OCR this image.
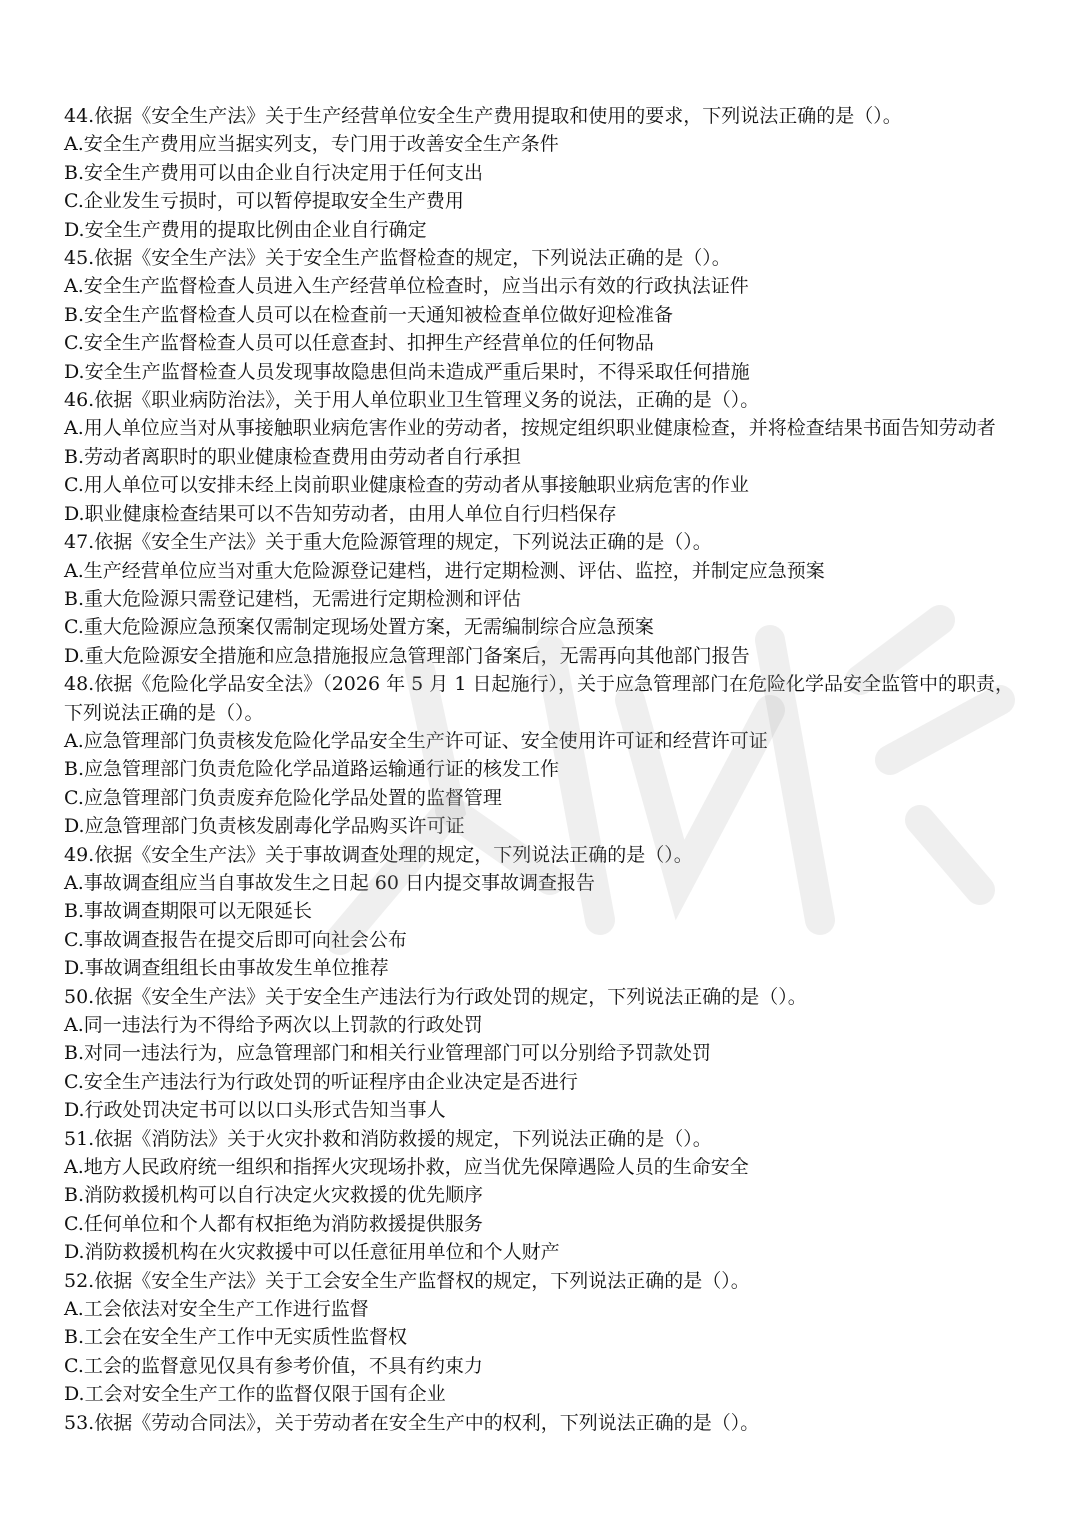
44.依据《安全生产法》关于生产经营单位安全生产费用提取和使用的要求，下列说法正确的是（）。

A.安全生产费用应当据实列支，专门用于改善安全生产条件

B.安全生产费用可以由企业自行决定用于任何支出

C.企业发生亏损时，可以暂停提取安全生产费用

D.安全生产费用的提取比例由企业自行确定

45.依据《安全生产法》关于安全生产监督检查的规定，下列说法正确的是（）。

A.安全生产监督检查人员进入生产经营单位检查时，应当出示有效的行政执法证件

B.安全生产监督检查人员可以在检查前一天通知被检查单位做好迎检准备

C.安全生产监督检查人员可以任意查封、扣押生产经营单位的任何物品

D.安全生产监督检查人员发现事故隐患但尚未造成严重后果时，不得采取任何措施

46.依据《职业病防治法》，关于用人单位职业卫生管理义务的说法，正确的是（）。

A.用人单位应当对从事接触职业病危害作业的劳动者，按规定组织职业健康检查，并将检查结果书面告知劳动者

B.劳动者离职时的职业健康检查费用由劳动者自行承担

C.用人单位可以安排未经上岗前职业健康检查的劳动者从事接触职业病危害的作业

D.职业健康检查结果可以不告知劳动者，由用人单位自行归档保存

47.依据《安全生产法》关于重大危险源管理的规定，下列说法正确的是（）。

A.生产经营单位应当对重大危险源登记建档，进行定期检测、评估、监控，并制定应急预案

B.重大危险源只需登记建档，无需进行定期检测和评估

C.重大危险源应急预案仅需制定现场处置方案，无需编制综合应急预案

D.重大危险源安全措施和应急措施报应急管理部门备案后，无需再向其他部门报告

48.依据《危险化学品安全法》（2026 年 5 月 1 日起施行），关于应急管理部门在危险化学品安全监管中的职责，下列说法正确的是（）。

A.应急管理部门负责核发危险化学品安全生产许可证、安全使用许可证和经营许可证

B.应急管理部门负责危险化学品道路运输通行证的核发工作

C.应急管理部门负责废弃危险化学品处置的监督管理

D.应急管理部门负责核发剧毒化学品购买许可证

49.依据《安全生产法》关于事故调查处理的规定，下列说法正确的是（）。

A.事故调查组应当自事故发生之日起 60 日内提交事故调查报告

B.事故调查期限可以无限延长

C.事故调查报告在提交后即可向社会公布

D.事故调查组组长由事故发生单位推荐

50.依据《安全生产法》关于安全生产违法行为行政处罚的规定，下列说法正确的是（）。

A.同一违法行为不得给予两次以上罚款的行政处罚

B.对同一违法行为，应急管理部门和相关行业管理部门可以分别给予罚款处罚

C.安全生产违法行为行政处罚的听证程序由企业决定是否进行

D.行政处罚决定书可以以口头形式告知当事人

51.依据《消防法》关于火灾扑救和消防救援的规定，下列说法正确的是（）。

A.地方人民政府统一组织和指挥火灾现场扑救，应当优先保障遇险人员的生命安全

B.消防救援机构可以自行决定火灾救援的优先顺序

C.任何单位和个人都有权拒绝为消防救援提供服务

D.消防救援机构在火灾救援中可以任意征用单位和个人财产

52.依据《安全生产法》关于工会安全生产监督权的规定，下列说法正确的是（）。

A.工会依法对安全生产工作进行监督

B.工会在安全生产工作中无实质性监督权

C.工会的监督意见仅具有参考价值，不具有约束力

D.工会对安全生产工作的监督仅限于国有企业

53.依据《劳动合同法》，关于劳动者在安全生产中的权利，下列说法正确的是（）。
